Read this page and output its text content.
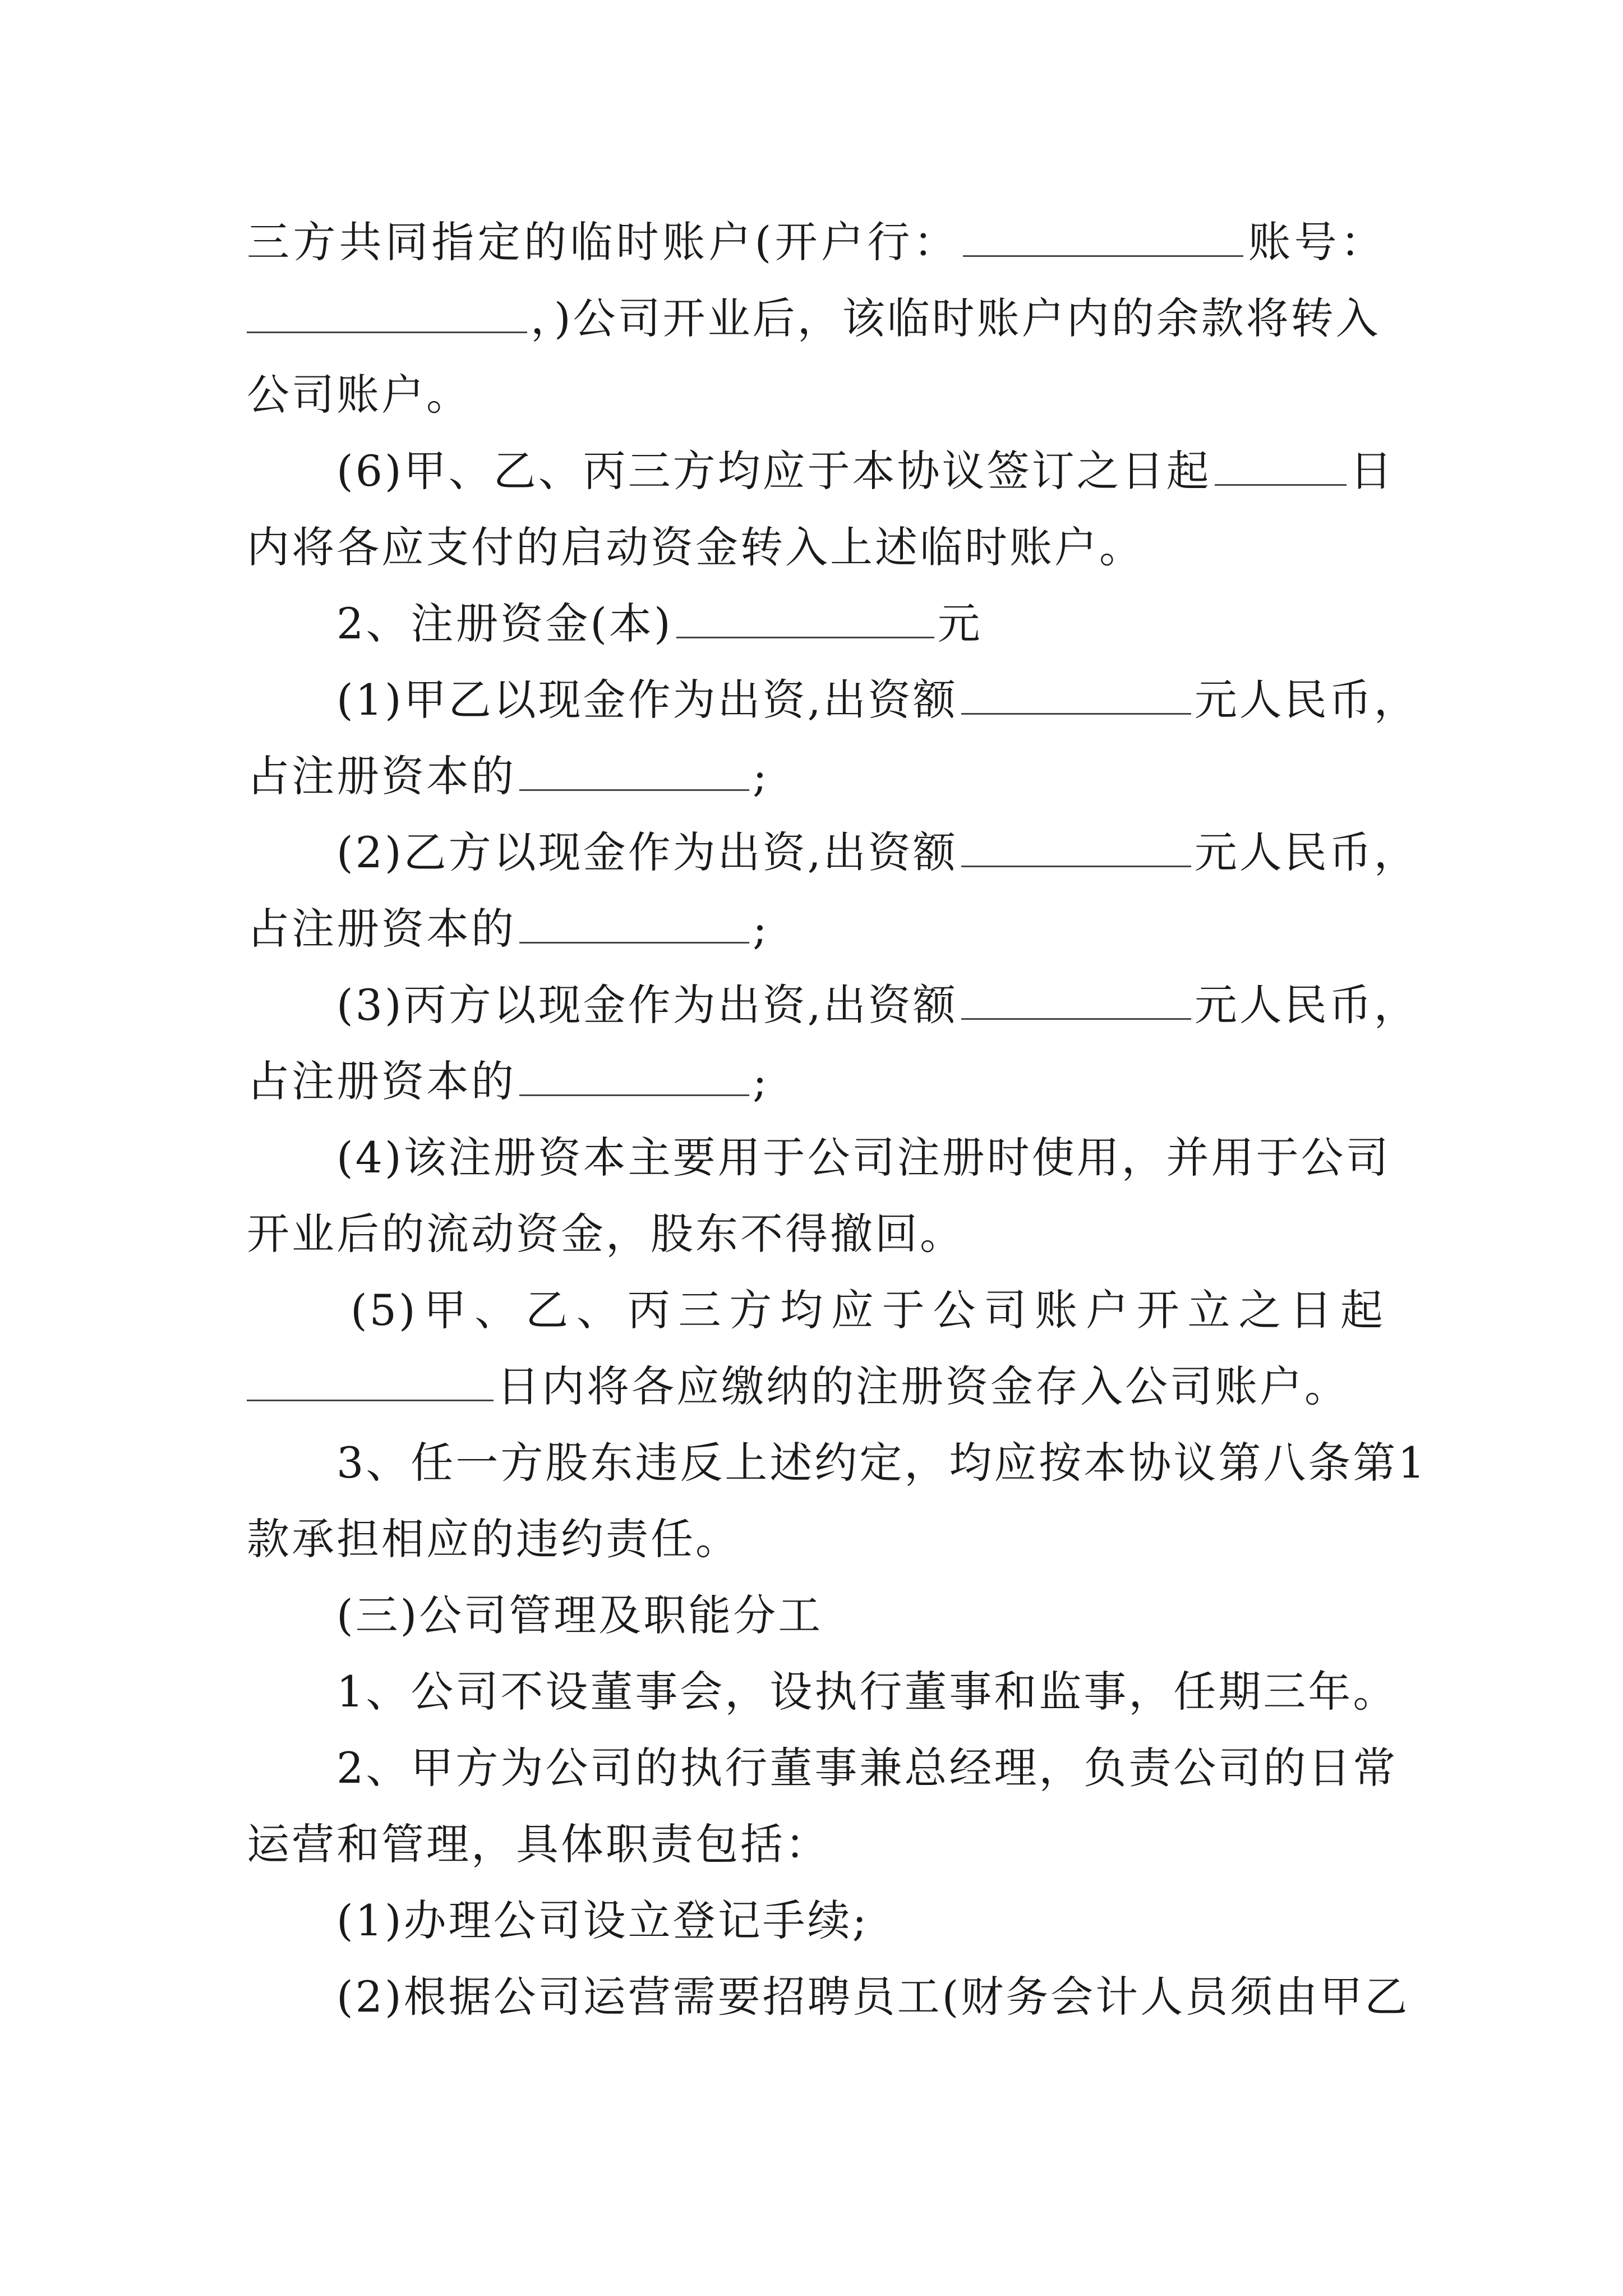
三方共同指定的临时账户(开户行：	账号：
，)公司开业后，该临时账户内的余款将转入
公司账户。
(6)甲、乙、丙三方均应于本协议签订之日起	日
内将各应支付的启动资金转入上述临时账户。
2、注册资金(本)	元
(1)甲乙以现金作为出资,出资额	元人民币，
占注册资本的	;
(2)乙方以现金作为出资,出资额	元人民币，
占注册资本的	;
(3)丙方以现金作为出资,出资额	元人民币，
占注册资本的	;
(4)该注册资本主要用于公司注册时使用，并用于公司
开业后的流动资金，股东不得撤回。
(5)甲、乙、丙三方均应于公司账户开立之日起
日内将各应缴纳的注册资金存入公司账户。
3、任一方股东违反上述约定，均应按本协议第八条第1
款承担相应的违约责任。
(三)公司管理及职能分工
1、公司不设董事会，设执行董事和监事，任期三年。
2、甲方为公司的执行董事兼总经理，负责公司的日常
运营和管理，具体职责包括：
(1)办理公司设立登记手续;
(2)根据公司运营需要招聘员工(财务会计人员须由甲乙
